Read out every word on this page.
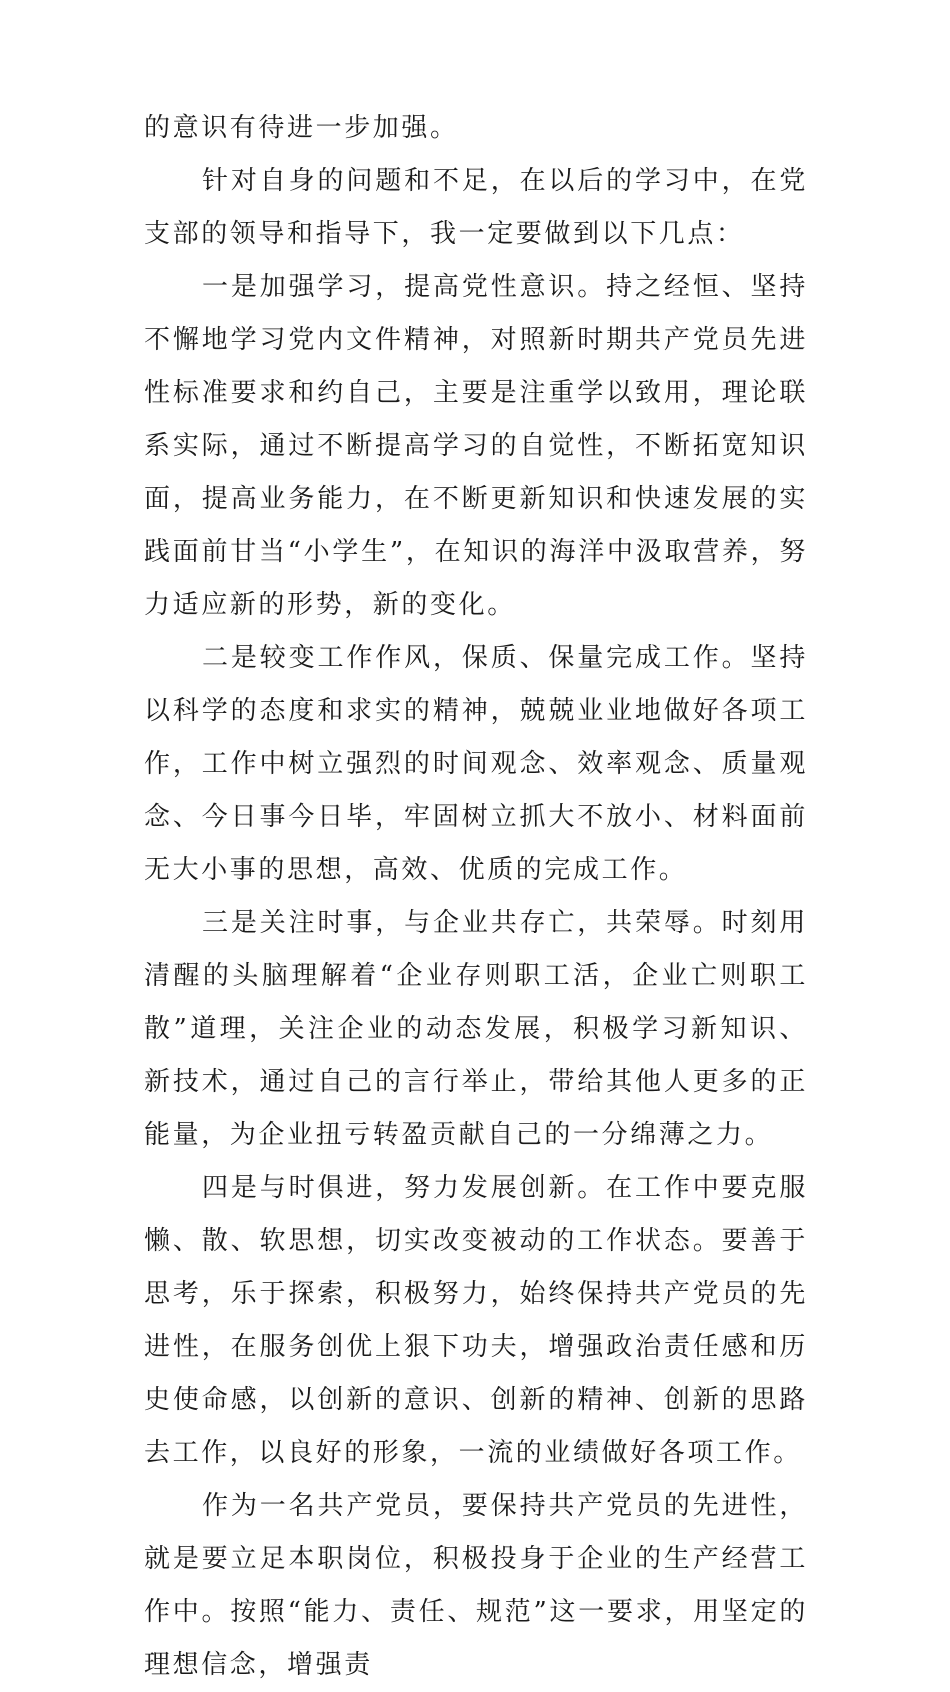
的意识有待进一步加强。

针对自身的问题和不足，在以后的学习中，在党支部的领导和指导下，我一定要做到以下几点：

一是加强学习，提高党性意识。持之经恒、坚持不懈地学习党内文件精神，对照新时期共产党员先进性标准要求和约自己，主要是注重学以致用，理论联系实际，通过不断提高学习的自觉性，不断拓宽知识面，提高业务能力，在不断更新知识和快速发展的实践面前甘当“小学生”，在知识的海洋中汲取营养，努力适应新的形势，新的变化。

二是较变工作作风，保质、保量完成工作。坚持以科学的态度和求实的精神，兢兢业业地做好各项工作，工作中树立强烈的时间观念、效率观念、质量观念、今日事今日毕，牢固树立抓大不放小、材料面前无大小事的思想，高效、优质的完成工作。

三是关注时事，与企业共存亡，共荣辱。时刻用清醒的头脑理解着“企业存则职工活，企业亡则职工散”道理，关注企业的动态发展，积极学习新知识、新技术，通过自己的言行举止，带给其他人更多的正能量，为企业扭亏转盈贡献自己的一分绵薄之力。

四是与时俱进，努力发展创新。在工作中要克服懒、散、软思想，切实改变被动的工作状态。要善于思考，乐于探索，积极努力，始终保持共产党员的先进性，在服务创优上狠下功夫，增强政治责任感和历史使命感，以创新的意识、创新的精神、创新的思路去工作，以良好的形象，一流的业绩做好各项工作。

作为一名共产党员，要保持共产党员的先进性，就是要立足本职岗位，积极投身于企业的生产经营工作中。按照“能力、责任、规范”这一要求，用坚定的理想信念，增强责
